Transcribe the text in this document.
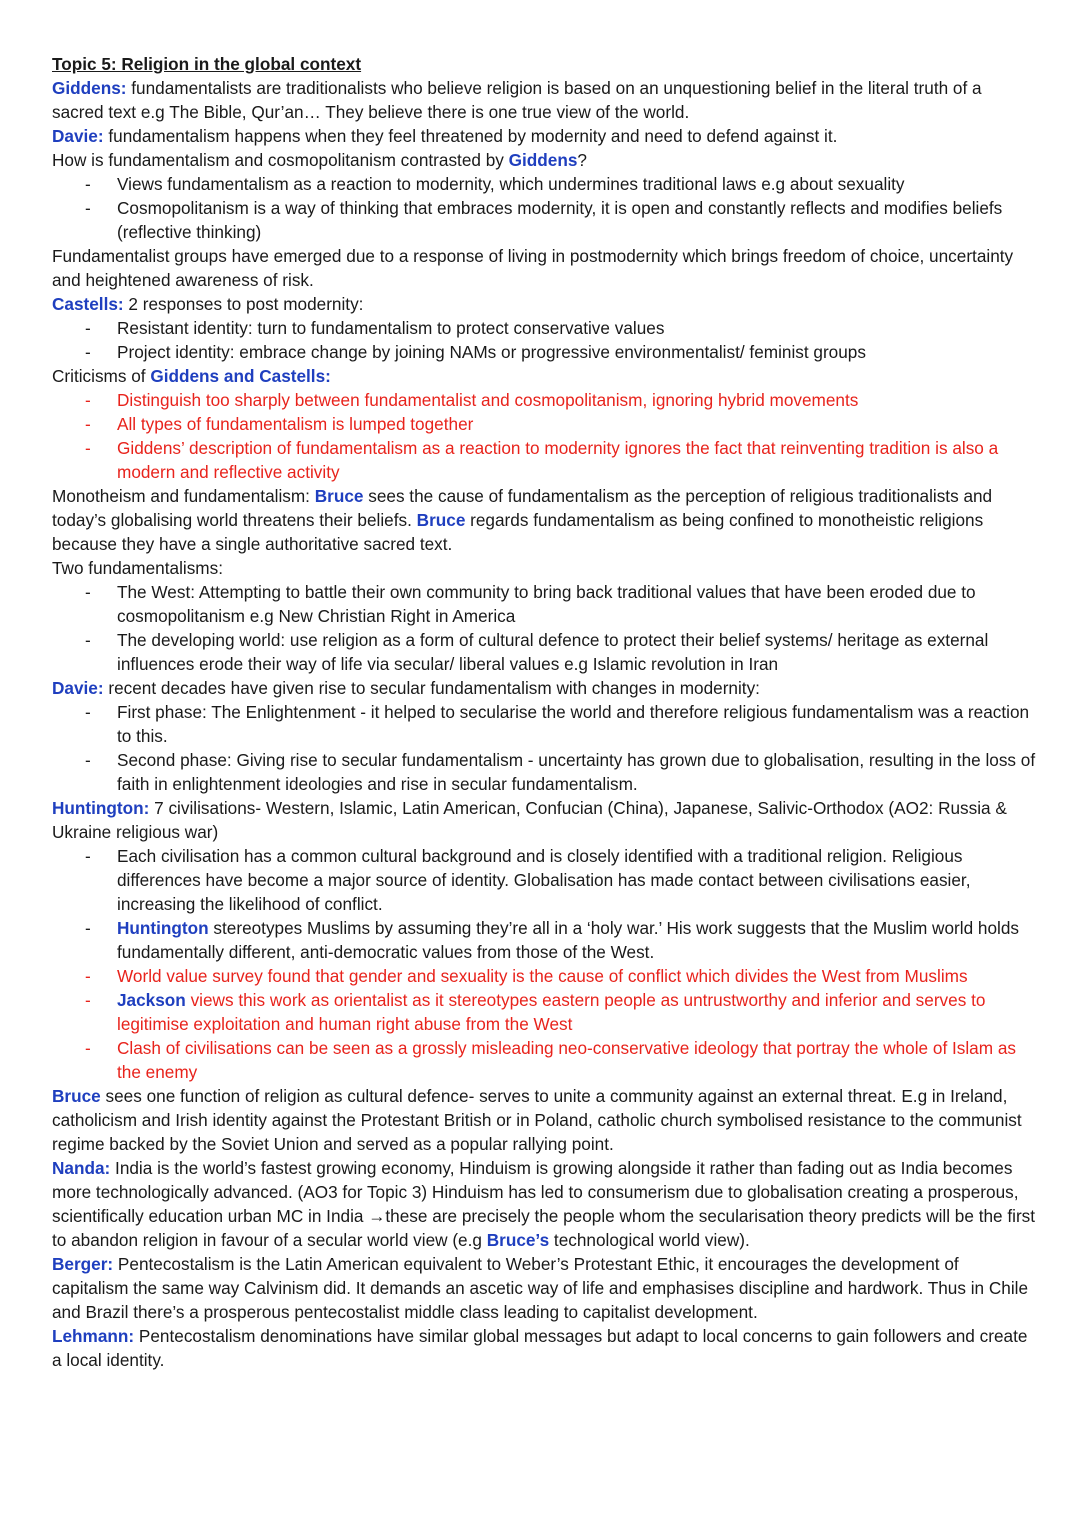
Topic 5: Religion in the global context

Giddens: fundamentalists are traditionalists who believe religion is based on an unquestioning belief in the literal truth of a sacred text e.g The Bible, Qur’an… They believe there is one true view of the world.

Davie: fundamentalism happens when they feel threatened by modernity and need to defend against it.

How is fundamentalism and cosmopolitanism contrasted by Giddens?

- Views fundamentalism as a reaction to modernity, which undermines traditional laws e.g about sexuality
- Cosmopolitanism is a way of thinking that embraces modernity, it is open and constantly reflects and modifies beliefs (reflective thinking)

Fundamentalist groups have emerged due to a response of living in postmodernity which brings freedom of choice, uncertainty and heightened awareness of risk.

Castells: 2 responses to post modernity:

- Resistant identity: turn to fundamentalism to protect conservative values
- Project identity: embrace change by joining NAMs or progressive environmentalist/ feminist groups

Criticisms of Giddens and Castells:

- Distinguish too sharply between fundamentalist and cosmopolitanism, ignoring hybrid movements
- All types of fundamentalism is lumped together
- Giddens’ description of fundamentalism as a reaction to modernity ignores the fact that reinventing tradition is also a modern and reflective activity

Monotheism and fundamentalism: Bruce sees the cause of fundamentalism as the perception of religious traditionalists and today’s globalising world threatens their beliefs. Bruce regards fundamentalism as being confined to monotheistic religions because they have a single authoritative sacred text.

Two fundamentalisms:

- The West: Attempting to battle their own community to bring back traditional values that have been eroded due to cosmopolitanism e.g New Christian Right in America
- The developing world: use religion as a form of cultural defence to protect their belief systems/ heritage as external influences erode their way of life via secular/ liberal values e.g Islamic revolution in Iran

Davie: recent decades have given rise to secular fundamentalism with changes in modernity:

- First phase: The Enlightenment - it helped to secularise the world and therefore religious fundamentalism was a reaction to this.
- Second phase: Giving rise to secular fundamentalism - uncertainty has grown due to globalisation, resulting in the loss of faith in enlightenment ideologies and rise in secular fundamentalism.

Huntington: 7 civilisations- Western, Islamic, Latin American, Confucian (China), Japanese, Salivic-Orthodox (AO2: Russia & Ukraine religious war)

- Each civilisation has a common cultural background and is closely identified with a traditional religion. Religious differences have become a major source of identity. Globalisation has made contact between civilisations easier, increasing the likelihood of conflict.
- Huntington stereotypes Muslims by assuming they’re all in a ‘holy war.’ His work suggests that the Muslim world holds fundamentally different, anti-democratic values from those of the West.
- World value survey found that gender and sexuality is the cause of conflict which divides the West from Muslims
- Jackson views this work as orientalist as it stereotypes eastern people as untrustworthy and inferior and serves to legitimise exploitation and human right abuse from the West
- Clash of civilisations can be seen as a grossly misleading neo-conservative ideology that portray the whole of Islam as the enemy

Bruce sees one function of religion as cultural defence- serves to unite a community against an external threat. E.g in Ireland, catholicism and Irish identity against the Protestant British or in Poland, catholic church symbolised resistance to the communist regime backed by the Soviet Union and served as a popular rallying point.

Nanda: India is the world’s fastest growing economy, Hinduism is growing alongside it rather than fading out as India becomes more technologically advanced. (AO3 for Topic 3) Hinduism has led to consumerism due to globalisation creating a prosperous, scientifically education urban MC in India →these are precisely the people whom the secularisation theory predicts will be the first to abandon religion in favour of a secular world view (e.g Bruce’s technological world view).

Berger: Pentecostalism is the Latin American equivalent to Weber’s Protestant Ethic, it encourages the development of capitalism the same way Calvinism did. It demands an ascetic way of life and emphasises discipline and hardwork. Thus in Chile and Brazil there’s a prosperous pentecostalist middle class leading to capitalist development.

Lehmann: Pentecostalism denominations have similar global messages but adapt to local concerns to gain followers and create a local identity.
